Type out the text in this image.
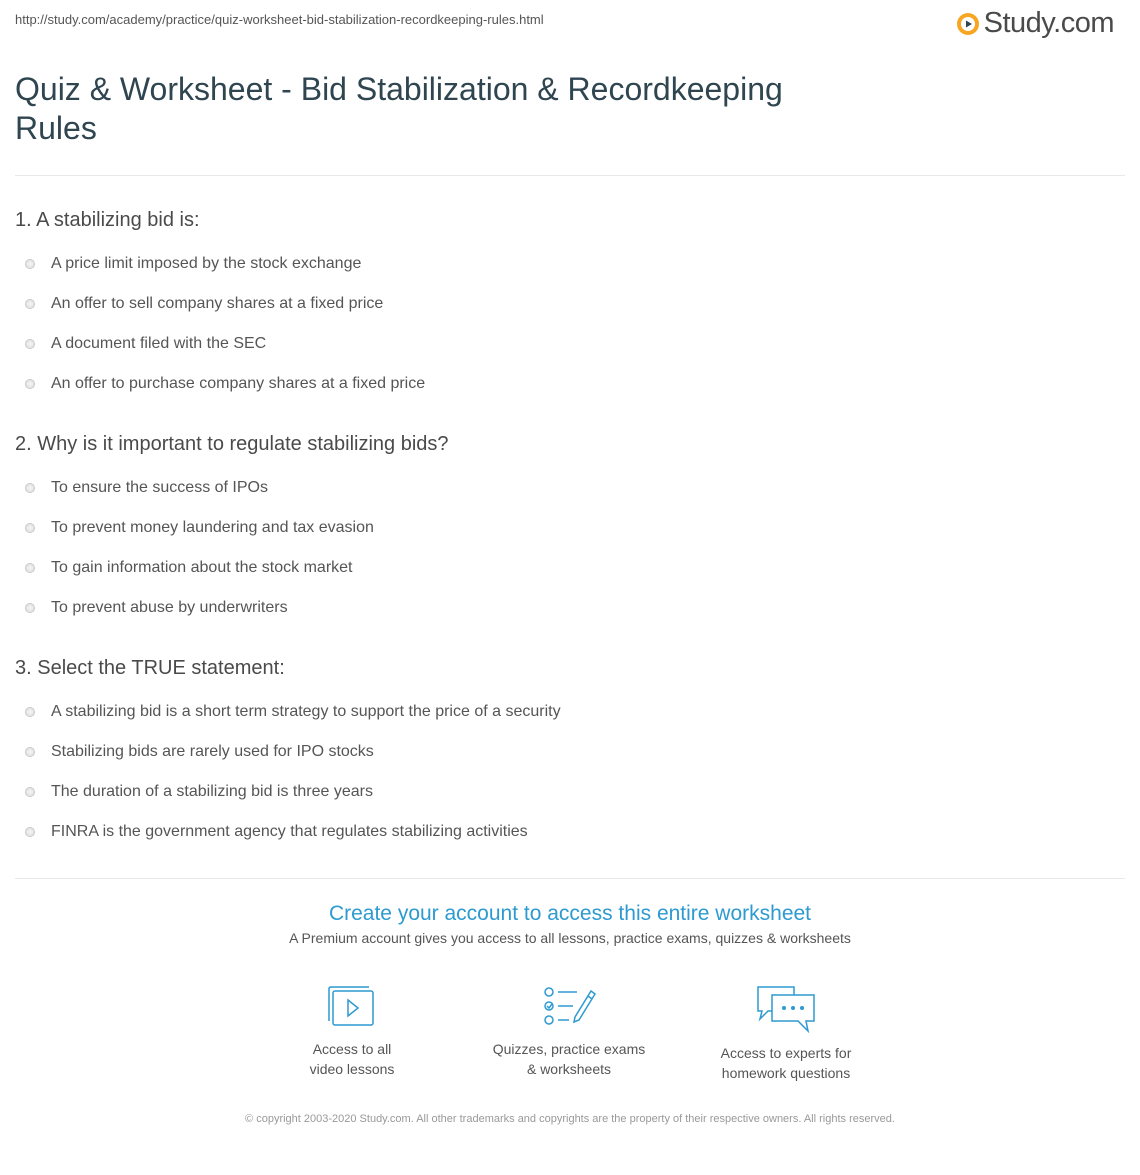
http://study.com/academy/practice/quiz-worksheet-bid-stabilization-recordkeeping-rules.html	Study.com
Quiz & Worksheet - Bid Stabilization & Recordkeeping Rules
1. A stabilizing bid is:
A price limit imposed by the stock exchange
An offer to sell company shares at a fixed price
A document filed with the SEC
An offer to purchase company shares at a fixed price
2. Why is it important to regulate stabilizing bids?
To ensure the success of IPOs
To prevent money laundering and tax evasion
To gain information about the stock market
To prevent abuse by underwriters
3. Select the TRUE statement:
A stabilizing bid is a short term strategy to support the price of a security
Stabilizing bids are rarely used for IPO stocks
The duration of a stabilizing bid is three years
FINRA is the government agency that regulates stabilizing activities
Create your account to access this entire worksheet
A Premium account gives you access to all lessons, practice exams, quizzes & worksheets
Access to all
video lessons
Quizzes, practice exams
& worksheets
Access to experts for
homework questions
© copyright 2003-2020 Study.com. All other trademarks and copyrights are the property of their respective owners. All rights reserved.
